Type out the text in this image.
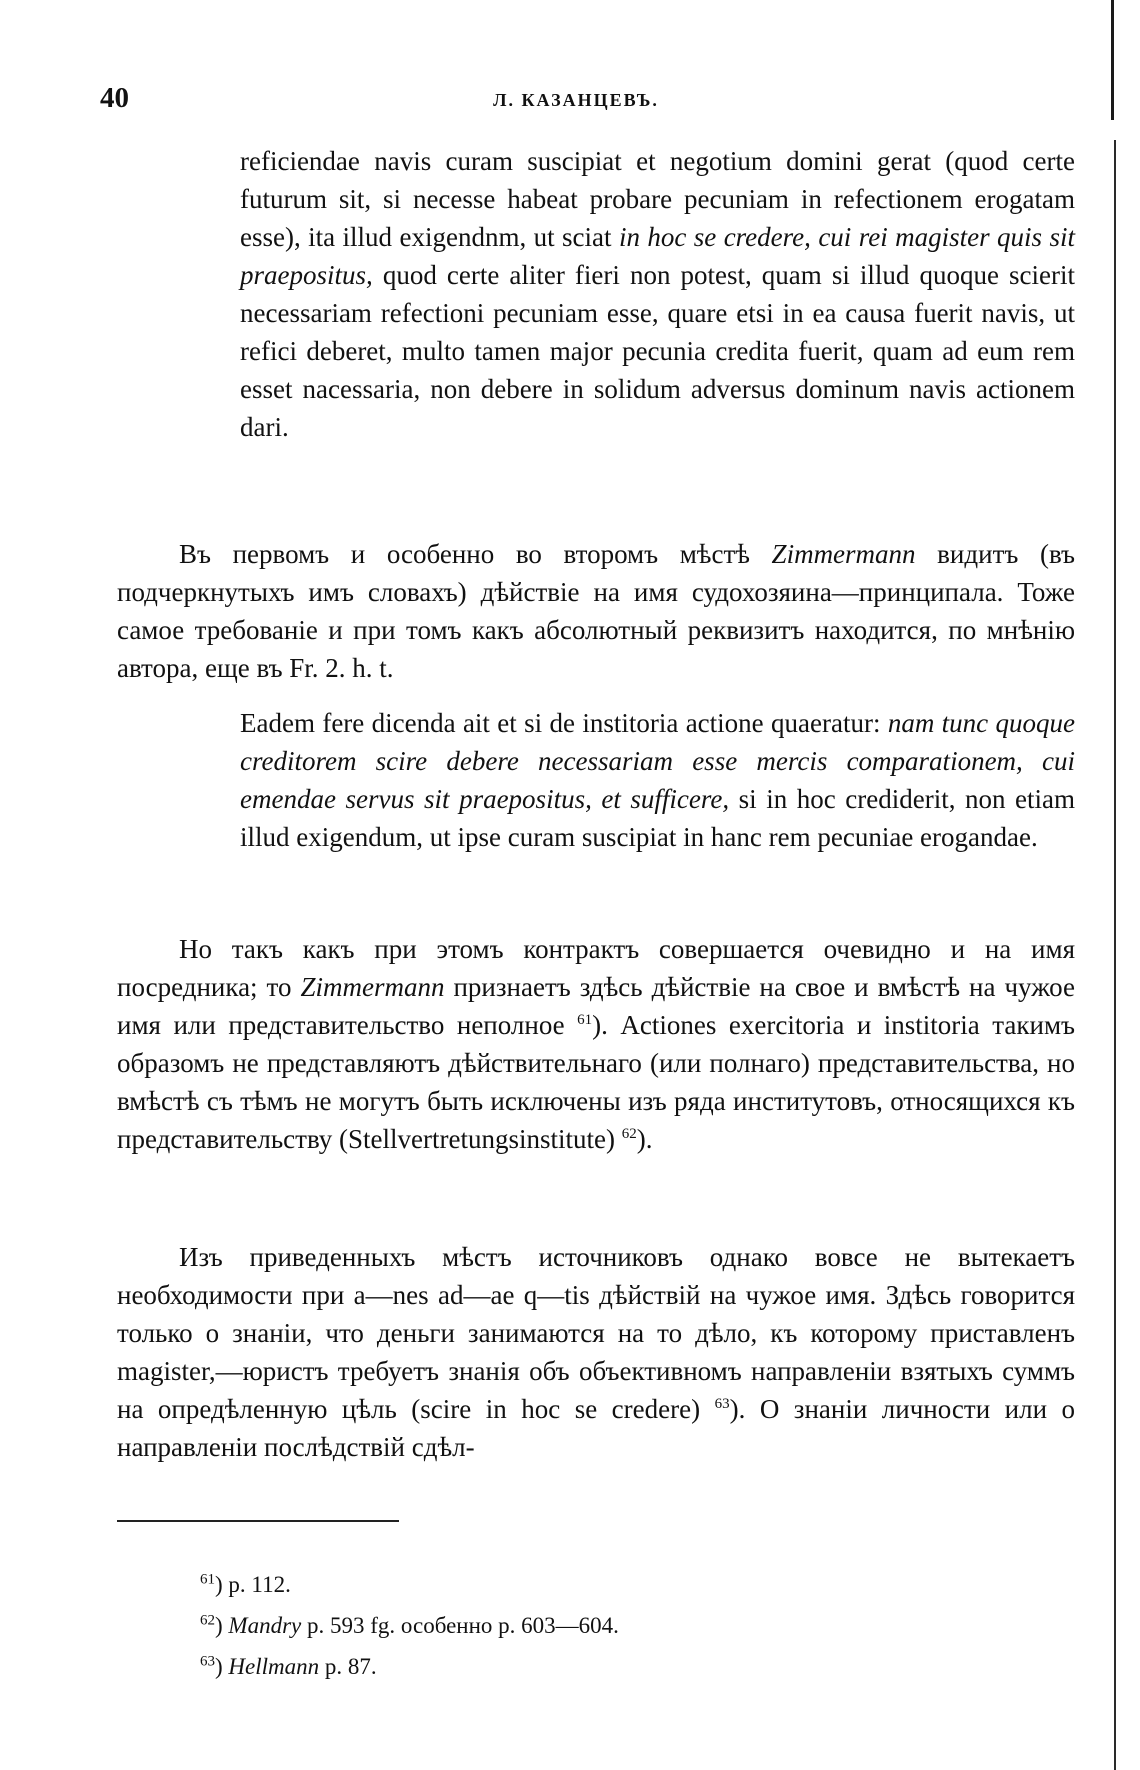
40	Л. КАЗАНЦЕВЪ.

reficiendae navis curam suscipiat et negotium domini gerat (quod certe futurum sit, si necesse habeat probare pecuniam in refectionem erogatam esse), ita illud exigendnm, ut sciat in hoc se credere, cui rei magister quis sit praepositus, quod certe aliter fieri non potest, quam si illud quoque scierit necessariam refectioni pecuniam esse, quare etsi in ea causa fuerit navis, ut refici deberet, multo tamen major pecunia credita fuerit, quam ad eum rem esset nacessaria, non debere in solidum adversus dominum navis actionem dari.

Въ первомъ и особенно во второмъ мѣстѣ Zimmermann видитъ (въ подчеркнутыхъ имъ словахъ) дѣйствіе на имя судохозяина—принципала. Тоже самое требованіе и при томъ какъ абсолютный реквизитъ находится, по мнѣнію автора, еще въ Fr. 2. h. t.

Eadem fere dicenda ait et si de institoria actione quaeratur: nam tunc quoque creditorem scire debere necessariam esse mercis comparationem, cui emendae servus sit praepositus, et sufficere, si in hoc crediderit, non etiam illud exigendum, ut ipse curam suscipiat in hanc rem pecuniae erogandae.

Но такъ какъ при этомъ контрактъ совершается очевидно и на имя посредника; то Zimmermann признаетъ здѣсь дѣйствіе на свое и вмѣстѣ на чужое имя или представительство неполное $^{61}$). Actiones exercitoria и institoria такимъ образомъ не представляютъ дѣйствительнаго (или полнаго) представительства, но вмѣстѣ съ тѣмъ не могутъ быть исключены изъ ряда институтовъ, относящихся къ представительству (Stellvertretungsinstitute) $^{62}$).

Изъ приведенныхъ мѣстъ источниковъ однако вовсе не вытекаетъ необходимости при a—nes ad—ae q—tis дѣйствій на чужое имя. Здѣсь говорится только о знаніи, что деньги занимаются на то дѣло, къ которому приставленъ magister,—юристъ требуетъ знанія объ объективномъ направленіи взятыхъ суммъ на опредѣленную цѣль (scire in hoc se credere) $^{63}$). О знаніи личности или о направленіи послѣдствій сдѣл-

$^{61}$) p. 112.
$^{62}$) Mandry p. 593 fg. особенно p. 603—604.
$^{63}$) Hellmann p. 87.
